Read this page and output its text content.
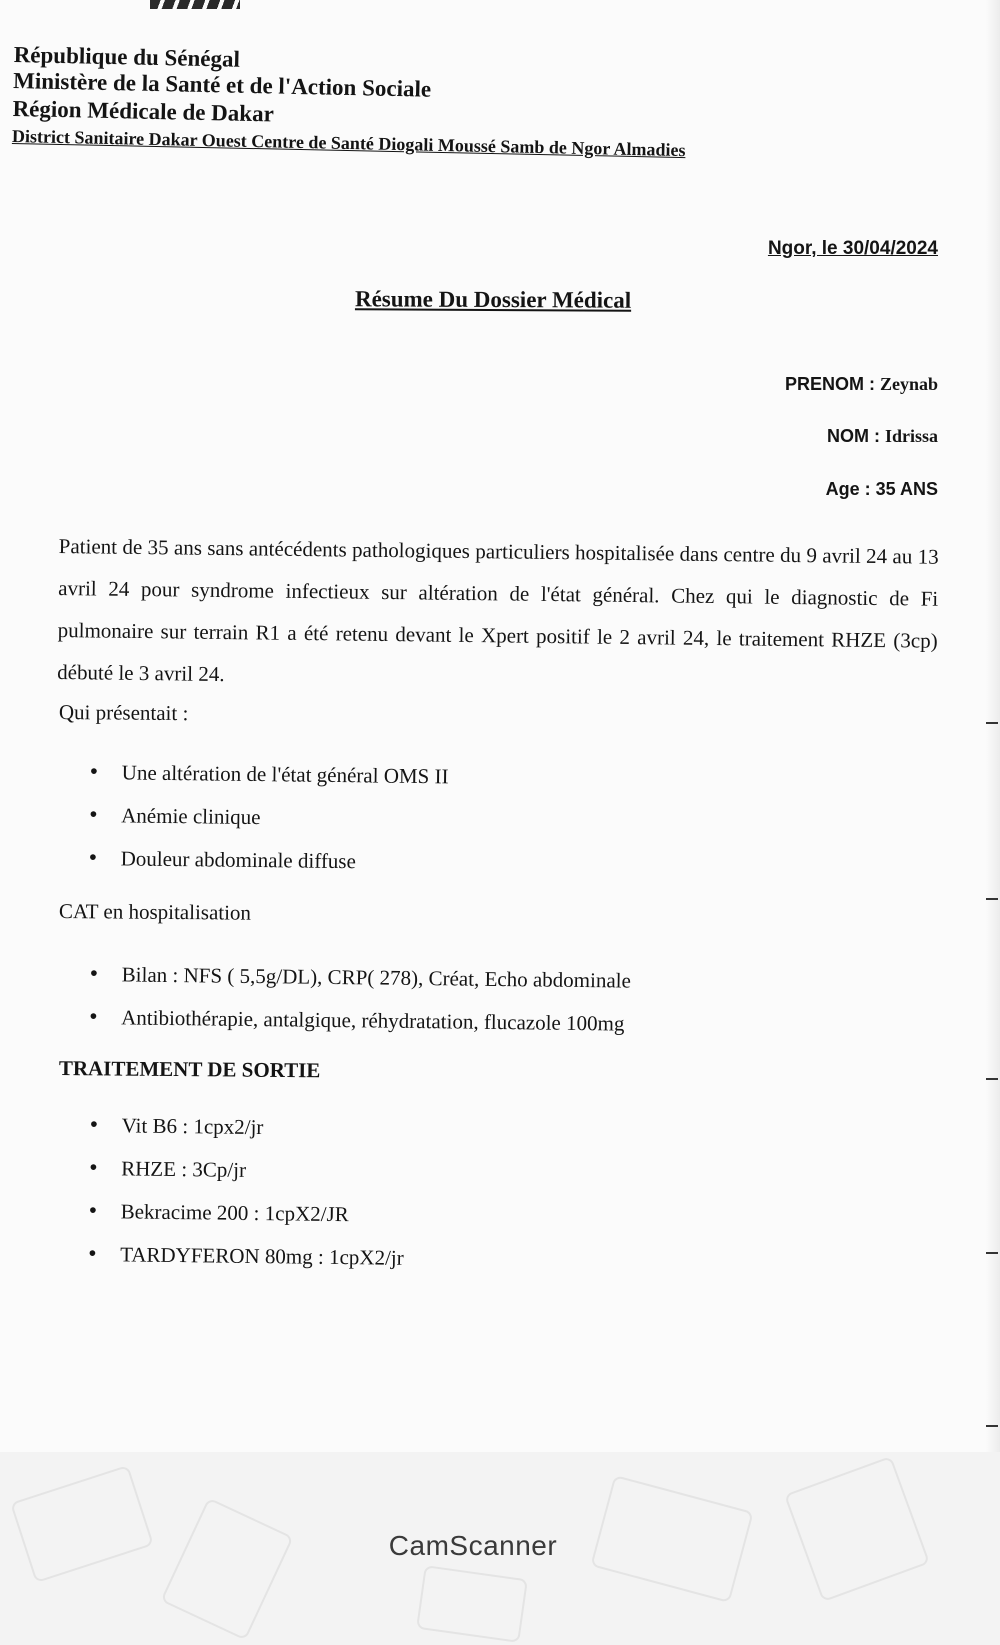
République du Sénégal
Ministère de la Santé et de l'Action Sociale
Région Médicale de Dakar
District Sanitaire Dakar Ouest Centre de Santé Diogali Moussé Samb de Ngor Almadies
Ngor, le 30/04/2024
Résume Du Dossier Médical
PRENOM : Zeynab
NOM : Idrissa
Age : 35 ANS
Patient de 35 ans sans antécédents pathologiques particuliers hospitalisée dans centre du 9 avril 24 au 13 avril 24 pour syndrome infectieux sur altération de l'état général. Chez qui le diagnostic de Fi pulmonaire sur terrain R1 a été retenu devant le Xpert positif le 2 avril 24, le traitement RHZE (3cp) débuté le 3 avril 24.
Qui présentait :
• Une altération de l'état général OMS II
• Anémie clinique
• Douleur abdominale diffuse
CAT en hospitalisation
• Bilan : NFS ( 5,5g/DL), CRP( 278), Créat, Echo abdominale
• Antibiothérapie, antalgique, réhydratation, flucazole 100mg
TRAITEMENT DE SORTIE
• Vit B6 : 1cpx2/jr
• RHZE : 3Cp/jr
• Bekracime 200 : 1cpX2/JR
• TARDYFERON 80mg : 1cpX2/jr
CamScanner
